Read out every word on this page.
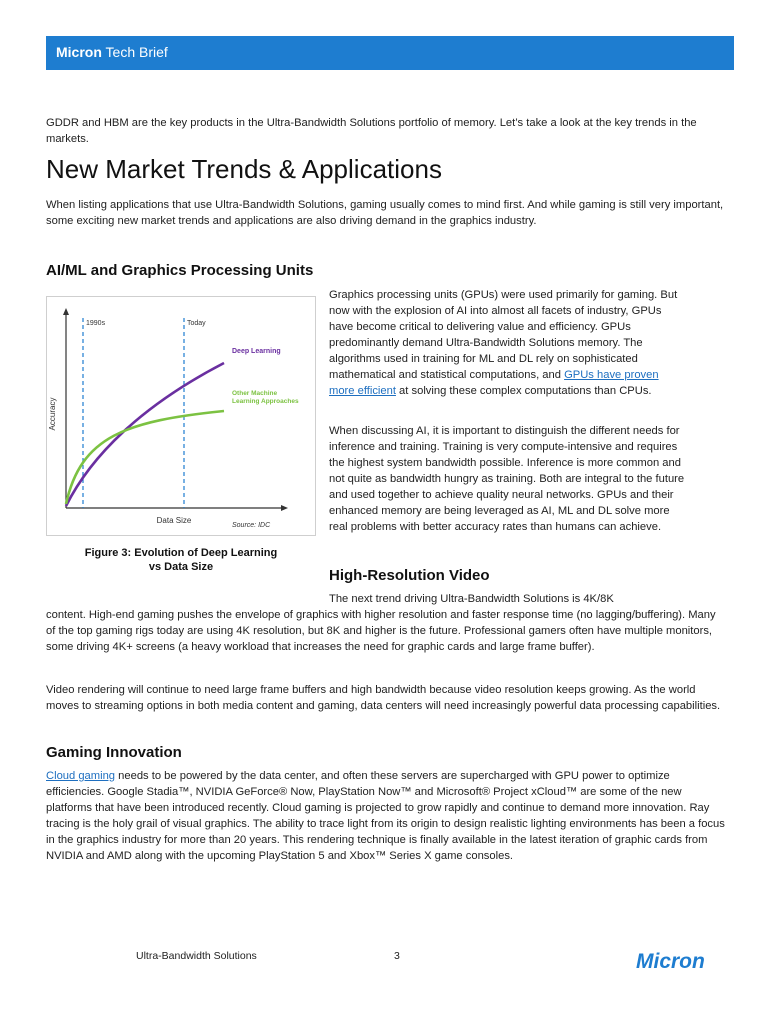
Micron Tech Brief

GDDR and HBM are the key products in the Ultra-Bandwidth Solutions portfolio of memory. Let’s take a look at the key trends in the markets.

New Market Trends & Applications

When listing applications that use Ultra-Bandwidth Solutions, gaming usually comes to mind first. And while gaming is still very important, some exciting new market trends and applications are also driving demand in the graphics industry.

AI/ML and Graphics Processing Units
1990s	Today
Deep Learning
Other Machine
Learning Approaches
Accuracy
Data Size
Source: IDC
Figure 3: Evolution of Deep Learning
vs Data Size

Graphics processing units (GPUs) were used primarily for gaming. But now with the explosion of AI into almost all facets of industry, GPUs have become critical to delivering value and efficiency. GPUs predominantly demand Ultra-Bandwidth Solutions memory. The algorithms used in training for ML and DL rely on sophisticated mathematical and statistical computations, and GPUs have proven more efficient at solving these complex computations than CPUs.

When discussing AI, it is important to distinguish the different needs for inference and training. Training is very compute-intensive and requires the highest system bandwidth possible. Inference is more common and not quite as bandwidth hungry as training. Both are integral to the future and used together to achieve quality neural networks. GPUs and their enhanced memory are being leveraged as AI, ML and DL solve more real problems with better accuracy rates than humans can achieve.

High-Resolution Video

The next trend driving Ultra-Bandwidth Solutions is 4K/8K

content. High-end gaming pushes the envelope of graphics with higher resolution and faster response time (no lagging/buffering). Many of the top gaming rigs today are using 4K resolution, but 8K and higher is the future. Professional gamers often have multiple monitors, some driving 4K+ screens (a heavy workload that increases the need for graphic cards and large frame buffer).

Video rendering will continue to need large frame buffers and high bandwidth because video resolution keeps growing. As the world moves to streaming options in both media content and gaming, data centers will need increasingly powerful data processing capabilities.

Gaming Innovation

Cloud gaming needs to be powered by the data center, and often these servers are supercharged with GPU power to optimize efficiencies. Google Stadia™, NVIDIA GeForce® Now, PlayStation Now™ and Microsoft® Project xCloud™ are some of the new platforms that have been introduced recently. Cloud gaming is projected to grow rapidly and continue to demand more innovation. Ray tracing is the holy grail of visual graphics. The ability to trace light from its origin to design realistic lighting environments has been a focus in the graphics industry for more than 20 years. This rendering technique is finally available in the latest iteration of graphic cards from NVIDIA and AMD along with the upcoming PlayStation 5 and Xbox™ Series X game consoles.

Ultra-Bandwidth Solutions	3	Micron
